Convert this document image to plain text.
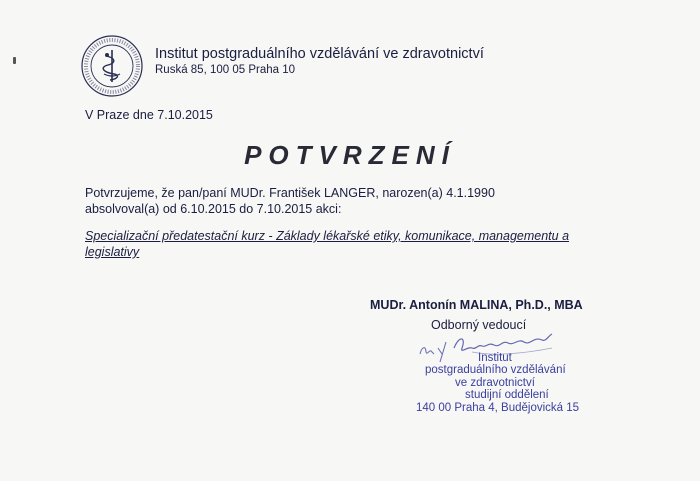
Institut postgraduálního vzdělávání ve zdravotnictví
Ruská 85, 100 05 Praha 10
V Praze dne 7.10.2015
POTVRZENÍ
Potvrzujeme, že pan/paní MUDr. František LANGER, narozen(a) 4.1.1990
absolvoval(a) od 6.10.2015 do 7.10.2015 akci:
Specializační předatestační kurz - Základy lékařské etiky, komunikace, managementu a legislativy
MUDr. Antonín MALINA, Ph.D., MBA
Odborný vedoucí
Institut
postgraduálního vzdělávání
ve zdravotnictví
studijní oddělení
140 00 Praha 4, Budějovická 15
